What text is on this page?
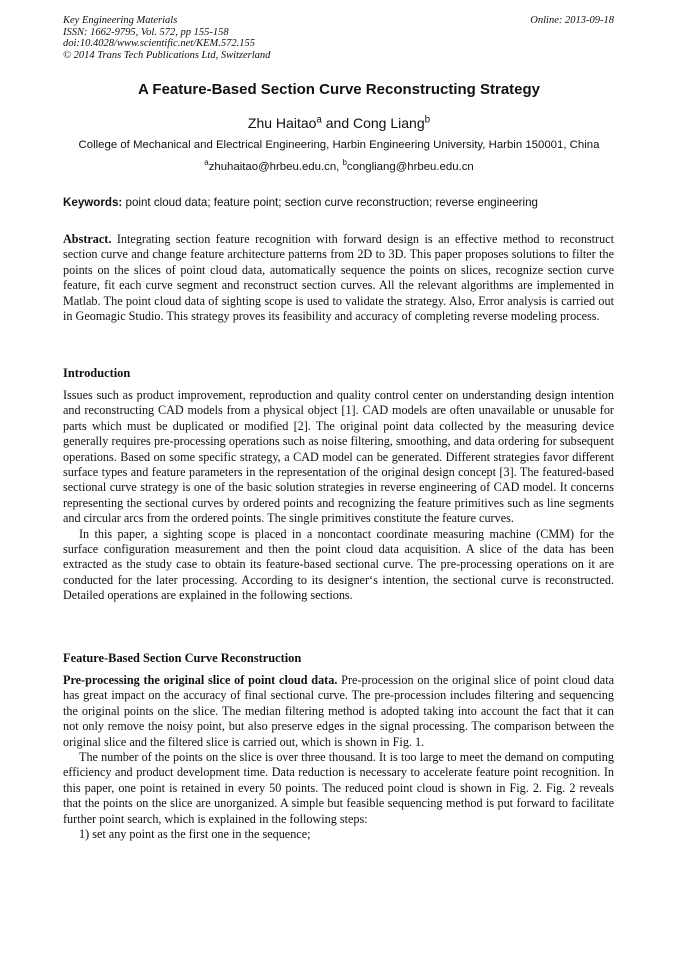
Key Engineering Materials
ISSN: 1662-9795, Vol. 572, pp 155-158
doi:10.4028/www.scientific.net/KEM.572.155
© 2014 Trans Tech Publications Ltd, Switzerland
Online: 2013-09-18
A Feature-Based Section Curve Reconstructing Strategy
Zhu Haitao$^a$ and Cong Liang$^b$
College of Mechanical and Electrical Engineering, Harbin Engineering University, Harbin 150001, China
$^a$zhuhaitao@hrbeu.edu.cn, $^b$congliang@hrbeu.edu.cn
Keywords: point cloud data; feature point; section curve reconstruction; reverse engineering

Abstract. Integrating section feature recognition with forward design is an effective method to reconstruct section curve and change feature architecture patterns from 2D to 3D. This paper proposes solutions to filter the points on the slices of point cloud data, automatically sequence the points on slices, recognize section curve feature, fit each curve segment and reconstruct section curves. All the relevant algorithms are implemented in Matlab. The point cloud data of sighting scope is used to validate the strategy. Also, Error analysis is carried out in Geomagic Studio. This strategy proves its feasibility and accuracy of completing reverse modeling process.

Introduction

Issues such as product improvement, reproduction and quality control center on understanding design intention and reconstructing CAD models from a physical object [1]. CAD models are often unavailable or unusable for parts which must be duplicated or modified [2]. The original point data collected by the measuring device generally requires pre-processing operations such as noise filtering, smoothing, and data ordering for subsequent operations. Based on some specific strategy, a CAD model can be generated. Different strategies favor different surface types and feature parameters in the representation of the original design concept [3]. The featured-based sectional curve strategy is one of the basic solution strategies in reverse engineering of CAD model. It concerns representing the sectional curves by ordered points and recognizing the feature primitives such as line segments and circular arcs from the ordered points. The single primitives constitute the feature curves.

In this paper, a sighting scope is placed in a noncontact coordinate measuring machine (CMM) for the surface configuration measurement and then the point cloud data acquisition. A slice of the data has been extracted as the study case to obtain its feature-based sectional curve. The pre-processing operations on it are conducted for the later processing. According to its designer‘s intention, the sectional curve is reconstructed. Detailed operations are explained in the following sections.

Feature-Based Section Curve Reconstruction

Pre-processing the original slice of point cloud data. Pre-procession on the original slice of point cloud data has great impact on the accuracy of final sectional curve. The pre-procession includes filtering and sequencing the original points on the slice. The median filtering method is adopted taking into account the fact that it can not only remove the noisy point, but also preserve edges in the signal processing. The comparison between the original slice and the filtered slice is carried out, which is shown in Fig. 1.

The number of the points on the slice is over three thousand. It is too large to meet the demand on computing efficiency and product development time. Data reduction is necessary to accelerate feature point recognition. In this paper, one point is retained in every 50 points. The reduced point cloud is shown in Fig. 2. Fig. 2 reveals that the points on the slice are unorganized. A simple but feasible sequencing method is put forward to facilitate further point search, which is explained in the following steps:

1) set any point as the first one in the sequence;
